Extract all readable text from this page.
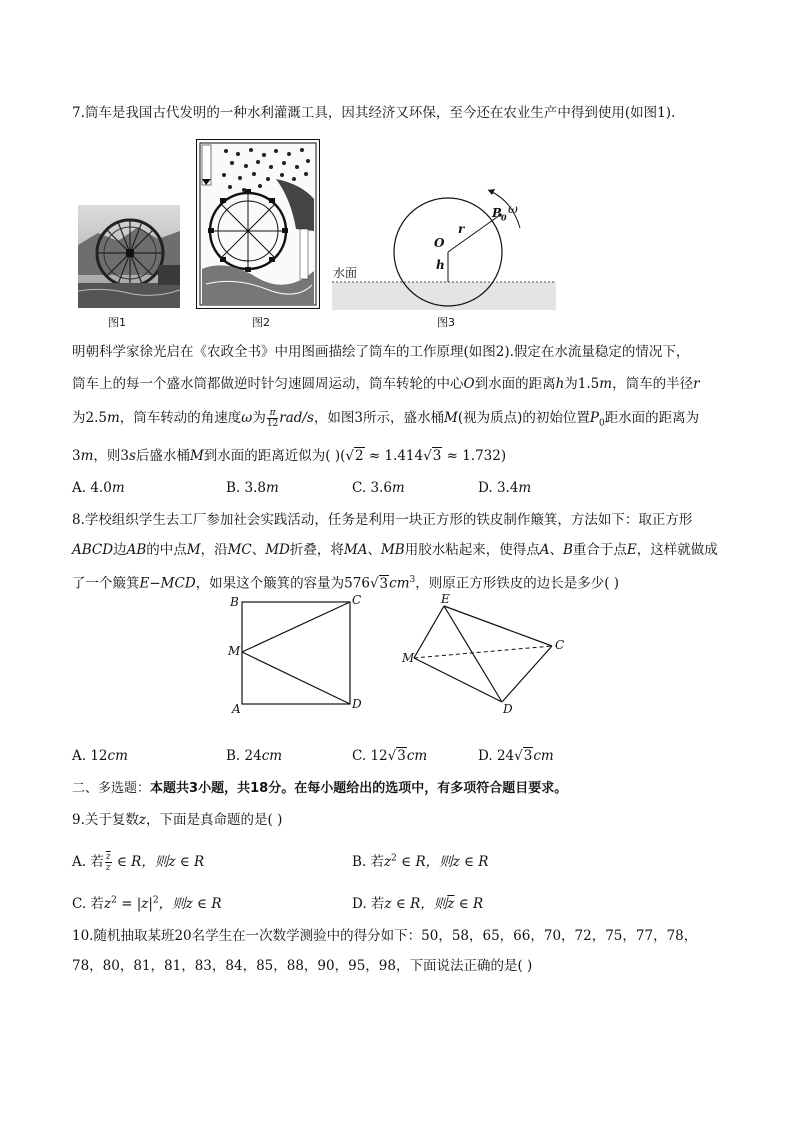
7.筒车是我国古代发明的一种水利灌溉工具，因其经济又环保，至今还在农业生产中得到使用(如图1).
图1	图2
O
r
h
$P_0$
ω
水面
图3
明朝科学家徐光启在《农政全书》中用图画描绘了筒车的工作原理(如图2).假定在水流量稳定的情况下，
筒车上的每一个盛水筒都做逆时针匀速圆周运动，筒车转轮的中心O到水面的距离h为1.5m，筒车的半径r
为2.5m，筒车转动的角速度ω为 $\frac{\pi}{12} rad/s$，如图3所示，盛水桶M(视为质点)的初始位置$P_0$距水面的距离为
3m，则3s后盛水桶M到水面的距离近似为( )(√2 ≈ 1.414√3 ≈ 1.732)
A. 4.0m	B. 3.8m	C. 3.6m	D. 3.4m
8.学校组织学生去工厂参加社会实践活动，任务是利用一块正方形的铁皮制作簸箕，方法如下：取正方形
ABCD边AB的中点M，沿MC、MD折叠，将MA、MB用胶水粘起来，使得点A、B重合于点E，这样就做成
了一个簸箕E−MCD，如果这个簸箕的容量为$576√3cm^3$，则原正方形铁皮的边长是多少( )
B	C
M
A	D
E
C
M
D
A. 12cm	B. 24cm	C. 12√3cm	D. 24√3cm
二、多选题：本题共3小题，共18分。在每小题给出的选项中，有多项符合题目要求。
9.关于复数z，下面是真命题的是( )
A. 若 $\frac{\overline{z}}{z}$ ∈ R，则z ∈ R	B. 若$z^2$ ∈ R，则z ∈ R
C. 若$z^2 = |z|^2$，则z ∈ R	D. 若z ∈ R，则$\overline{z}$ ∈ R
10.随机抽取某班20名学生在一次数学测验中的得分如下：50，58，65，66，70，72，75，77，78，
78，80，81，81，83，84，85，88，90，95，98，下面说法正确的是( )
